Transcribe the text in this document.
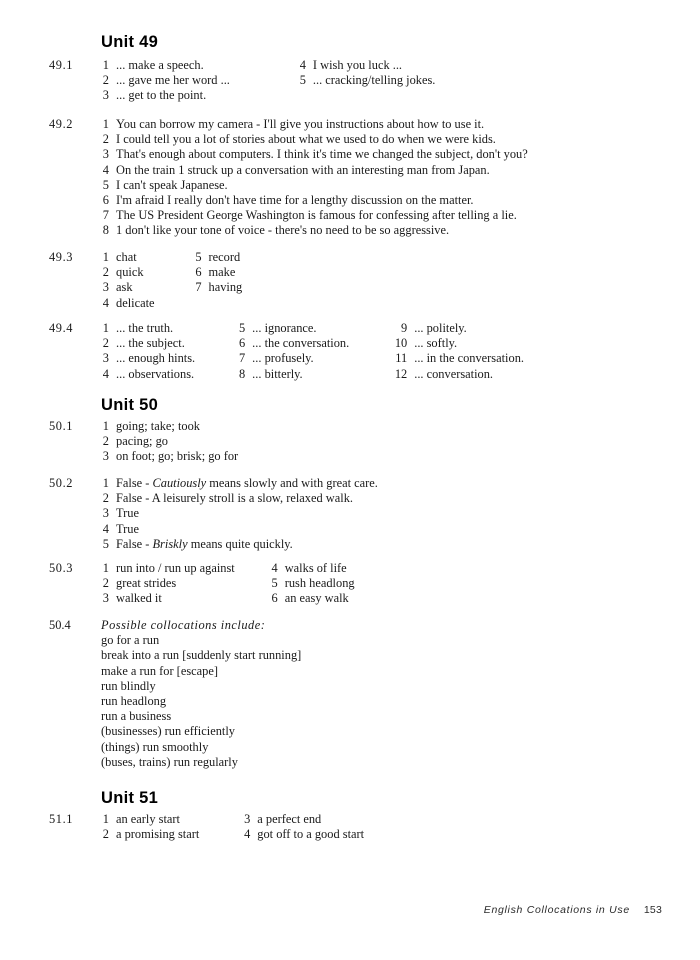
Unit 49
49.1	1 ... make a speech.
2 ... gave me her word ...
3 ... get to the point.
4 I wish you luck ...
5 ... cracking/telling jokes.
49.2	1 You can borrow my camera - I'll give you instructions about how to use it.
2 I could tell you a lot of stories about what we used to do when we were kids.
3 That's enough about computers. I think it's time we changed the subject, don't you?
4 On the train 1 struck up a conversation with an interesting man from Japan.
5 I can't speak Japanese.
6 I'm afraid I really don't have time for a lengthy discussion on the matter.
7 The US President George Washington is famous for confessing after telling a lie.
8 1 don't like your tone of voice - there's no need to be so aggressive.
49.3	1 chat
2 quick
3 ask
4 delicate
5 record
6 make
7 having
49.4	1 ... the truth.
2 ... the subject.
3 ... enough hints.
4 ... observations.
5 ... ignorance.
6 ... the conversation.
7 ... profusely.
8 ... bitterly.
9 ... politely.
10 ... softly.
11 ... in the conversation.
12 ... conversation.
Unit 50
50.1	1 going; take; took
2 pacing; go
3 on foot; go; brisk; go for
50.2	1 False - Cautiously means slowly and with great care.
2 False - A leisurely stroll is a slow, relaxed walk.
3 True
4 True
5 False - Briskly means quite quickly.
50.3	1 run into / run up against
2 great strides
3 walked it
4 walks of life
5 rush headlong
6 an easy walk
50.4	Possible collocations include:
go for a run
break into a run [suddenly start running]
make a run for [escape]
run blindly
run headlong
run a business
(businesses) run efficiently
(things) run smoothly
(buses, trains) run regularly
Unit 51
51.1	1 an early start
2 a promising start
3 a perfect end
4 got off to a good start
English Collocations in Use 153
